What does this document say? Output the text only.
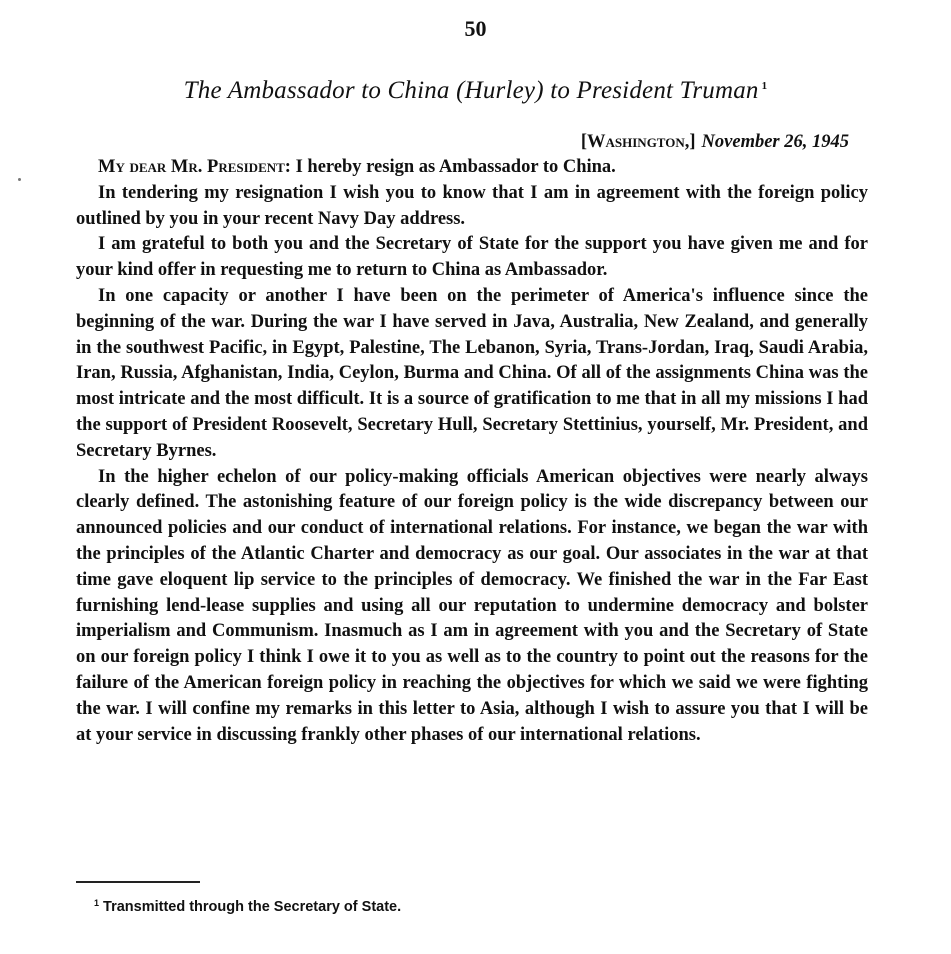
50
The Ambassador to China (Hurley) to President Truman $^1$
[Washington,] November 26, 1945

My dear Mr. President: I hereby resign as Ambassador to China.

In tendering my resignation I wish you to know that I am in agreement with the foreign policy outlined by you in your recent Navy Day address.

I am grateful to both you and the Secretary of State for the support you have given me and for your kind offer in requesting me to return to China as Ambassador.

In one capacity or another I have been on the perimeter of America's influence since the beginning of the war. During the war I have served in Java, Australia, New Zealand, and generally in the southwest Pacific, in Egypt, Palestine, The Lebanon, Syria, Trans-Jordan, Iraq, Saudi Arabia, Iran, Russia, Afghanistan, India, Ceylon, Burma and China. Of all of the assignments China was the most intricate and the most difficult. It is a source of gratification to me that in all my missions I had the support of President Roosevelt, Secretary Hull, Secretary Stettinius, yourself, Mr. President, and Secretary Byrnes.

In the higher echelon of our policy-making officials American objectives were nearly always clearly defined. The astonishing feature of our foreign policy is the wide discrepancy between our announced policies and our conduct of international relations. For instance, we began the war with the principles of the Atlantic Charter and democracy as our goal. Our associates in the war at that time gave eloquent lip service to the principles of democracy. We finished the war in the Far East furnishing lend-lease supplies and using all our reputation to undermine democracy and bolster imperialism and Communism. Inasmuch as I am in agreement with you and the Secretary of State on our foreign policy I think I owe it to you as well as to the country to point out the reasons for the failure of the American foreign policy in reaching the objectives for which we said we were fighting the war. I will confine my remarks in this letter to Asia, although I wish to assure you that I will be at your service in discussing frankly other phases of our international relations.

$^1$ Transmitted through the Secretary of State.
